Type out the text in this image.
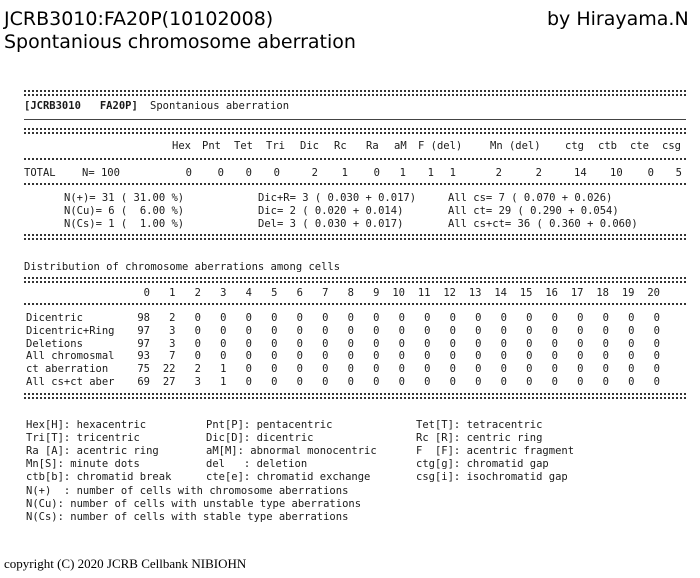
JCRB3010:FA20P(10102008)
Spontanious chromosome aberration
by Hirayama.N
[JCRB3010   FA20P] Spontanious aberration
Hex Pnt Tet Tri Dic Rc Ra aM F (del)	Mn (del) ctg ctb cte csg
TOTAL	N= 100	0	0	0	0	2	1	0	1	1	1	2	2	14 10	0	5
N(+)= 31 ( 31.00 %)
N(Cu)= 6 (  6.00 %)
N(Cs)= 1 (  1.00 %)
Dic+R= 3 ( 0.030 + 0.017)
Dic= 2 ( 0.020 + 0.014)
Del= 3 ( 0.030 + 0.017)
All cs= 7 ( 0.070 + 0.026)
All ct= 29 ( 0.290 + 0.054)
All cs+ct= 36 ( 0.360 + 0.060)
Distribution of chromosome aberrations among cells
0	1	2	3	4	5	6	7	8	9 10 11 12 13 14 15 16 17 18 19 20
Dicentric	98	2	0	0	0	0	0	0	0	0	0	0	0	0	0	0	0	0	0	0	0
Dicentric+Ring 97	3	0	0	0	0	0	0	0	0	0	0	0	0	0	0	0	0	0	0	0
Deletions	97	3	0	0	0	0	0	0	0	0	0	0	0	0	0	0	0	0	0	0	0
All chromosmal 93	7	0	0	0	0	0	0	0	0	0	0	0	0	0	0	0	0	0	0	0
ct aberration	75 22	2	1	0	0	0	0	0	0	0	0	0	0	0	0	0	0	0	0	0
All cs+ct aber 69 27	3	1	0	0	0	0	0	0	0	0	0	0	0	0	0	0	0	0	0
Hex[H]: hexacentric
Tri[T]: tricentric
Ra [A]: acentric ring
Mn[S]: minute dots
ctb[b]: chromatid break
Pnt[P]: pentacentric
Dic[D]: dicentric
aM[M]: abnormal monocentric
del   : deletion
cte[e]: chromatid exchange
Tet[T]: tetracentric
Rc [R]: centric ring
F  [F]: acentric fragment
ctg[g]: chromatid gap
csg[i]: isochromatid gap
N(+)  : number of cells with chromosome aberrations
N(Cu): number of cells with unstable type aberrations
N(Cs): number of cells with stable type aberrations
copyright (C) 2020 JCRB Cellbank NIBIOHN
